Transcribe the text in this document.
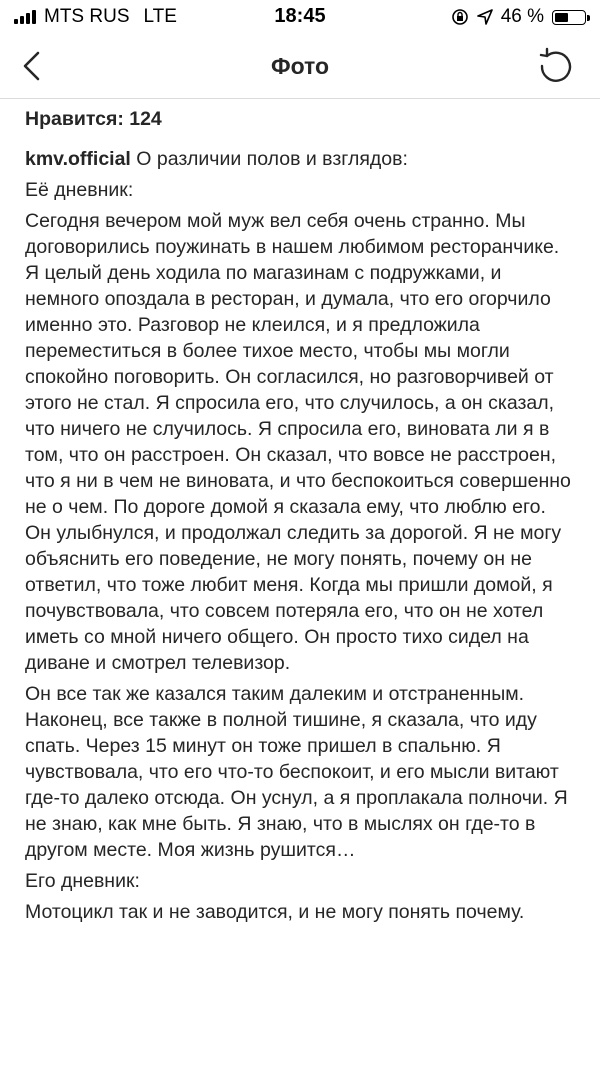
MTS RUS LTE	18:45	46 %
Фото
Нравится: 124

kmv.official О различии полов и взглядов:

Её дневник:

Сегодня вечером мой муж вел себя очень странно. Мы договорились поужинать в нашем любимом ресторанчике. Я целый день ходила по магазинам с подружками, и немного опоздала в ресторан, и думала, что его огорчило именно это. Разговор не клеился, и я предложила переместиться в более тихое место, чтобы мы могли спокойно поговорить. Он согласился, но разговорчивей от этого не стал. Я спросила его, что случилось, а он сказал, что ничего не случилось. Я спросила его, виновата ли я в том, что он расстроен. Он сказал, что вовсе не расстроен, что я ни в чем не виновата, и что беспокоиться совершенно не о чем. По дороге домой я сказала ему, что люблю его. Он улыбнулся, и продолжал следить за дорогой. Я не могу объяснить его поведение, не могу понять, почему он не ответил, что тоже любит меня. Когда мы пришли домой, я почувствовала, что совсем потеряла его, что он не хотел иметь со мной ничего общего. Он просто тихо сидел на диване и смотрел телевизор.

Он все так же казался таким далеким и отстраненным. Наконец, все также в полной тишине, я сказала, что иду спать. Через 15 минут он тоже пришел в спальню. Я чувствовала, что его что-то беспокоит, и его мысли витают где-то далеко отсюда. Он уснул, а я проплакала полночи. Я не знаю, как мне быть. Я знаю, что в мыслях он где-то в другом месте. Моя жизнь рушится…

Его дневник:

Мотоцикл так и не заводится, и не могу понять почему.
